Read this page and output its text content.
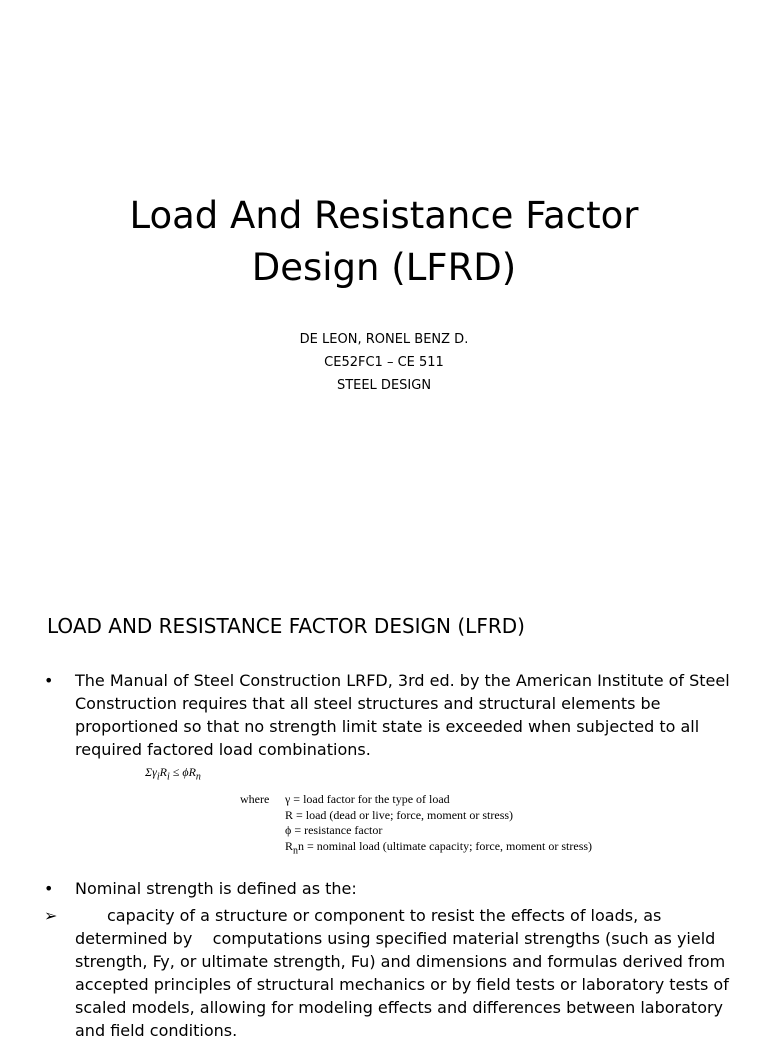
Load And Resistance Factor
Design (LFRD)
DE LEON, RONEL BENZ D.
CE52FC1 – CE 511
STEEL DESIGN
LOAD AND RESISTANCE FACTOR DESIGN (LFRD)
• The Manual of Steel Construction LRFD, 3rd ed. by the American Institute of Steel Construction requires that all steel structures and structural elements be proportioned so that no strength limit state is exceeded when subjected to all required factored load combinations.
$\Sigma\gamma_iR_i \le \phi R_n$
where γ = load factor for the type of load
R = load (dead or live; force, moment or stress)
ϕ = resistance factor
$R_nn$ = nominal load (ultimate capacity; force, moment or stress)
• Nominal strength is defined as the:
➢	capacity of a structure or component to resist the effects of loads, as determined by computations using specified material strengths (such as yield strength, Fy, or ultimate strength, Fu) and dimensions and formulas derived from accepted principles of structural mechanics or by field tests or laboratory tests of scaled models, allowing for modeling effects and differences between laboratory and field conditions.
